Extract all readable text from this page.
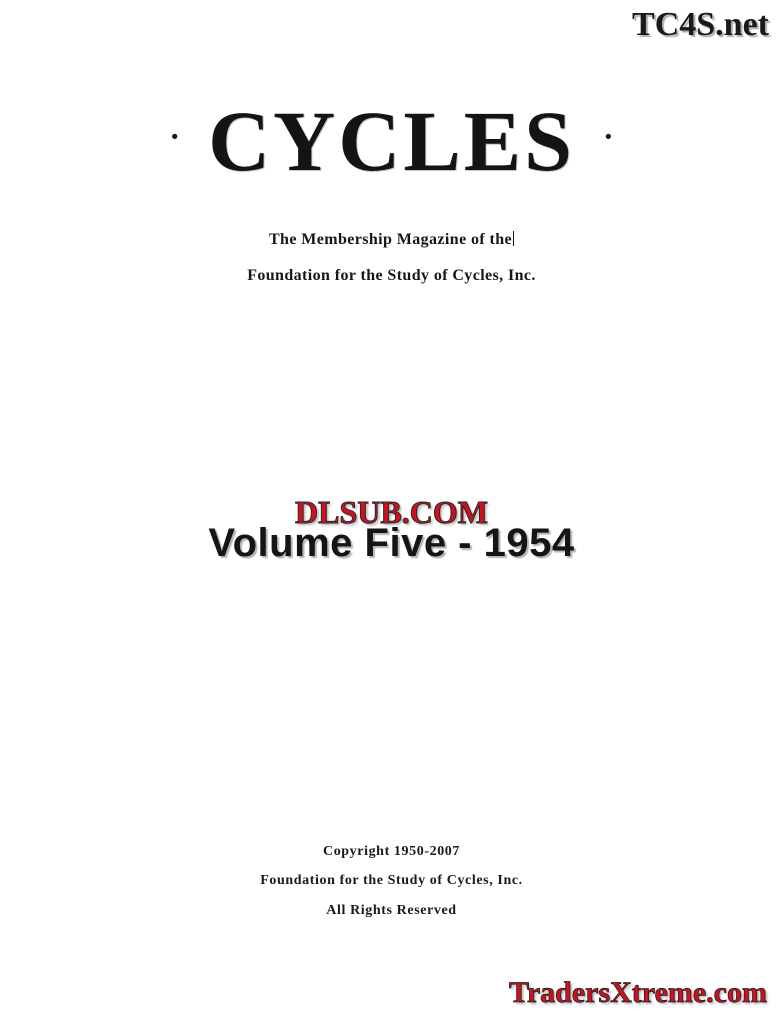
TC4S.net
· CYCLES ·
The Membership Magazine of the
Foundation for the Study of Cycles, Inc.
DLSUB.COM
Volume Five - 1954
Copyright 1950-2007
Foundation for the Study of Cycles, Inc.
All Rights Reserved
TradersXtreme.com
